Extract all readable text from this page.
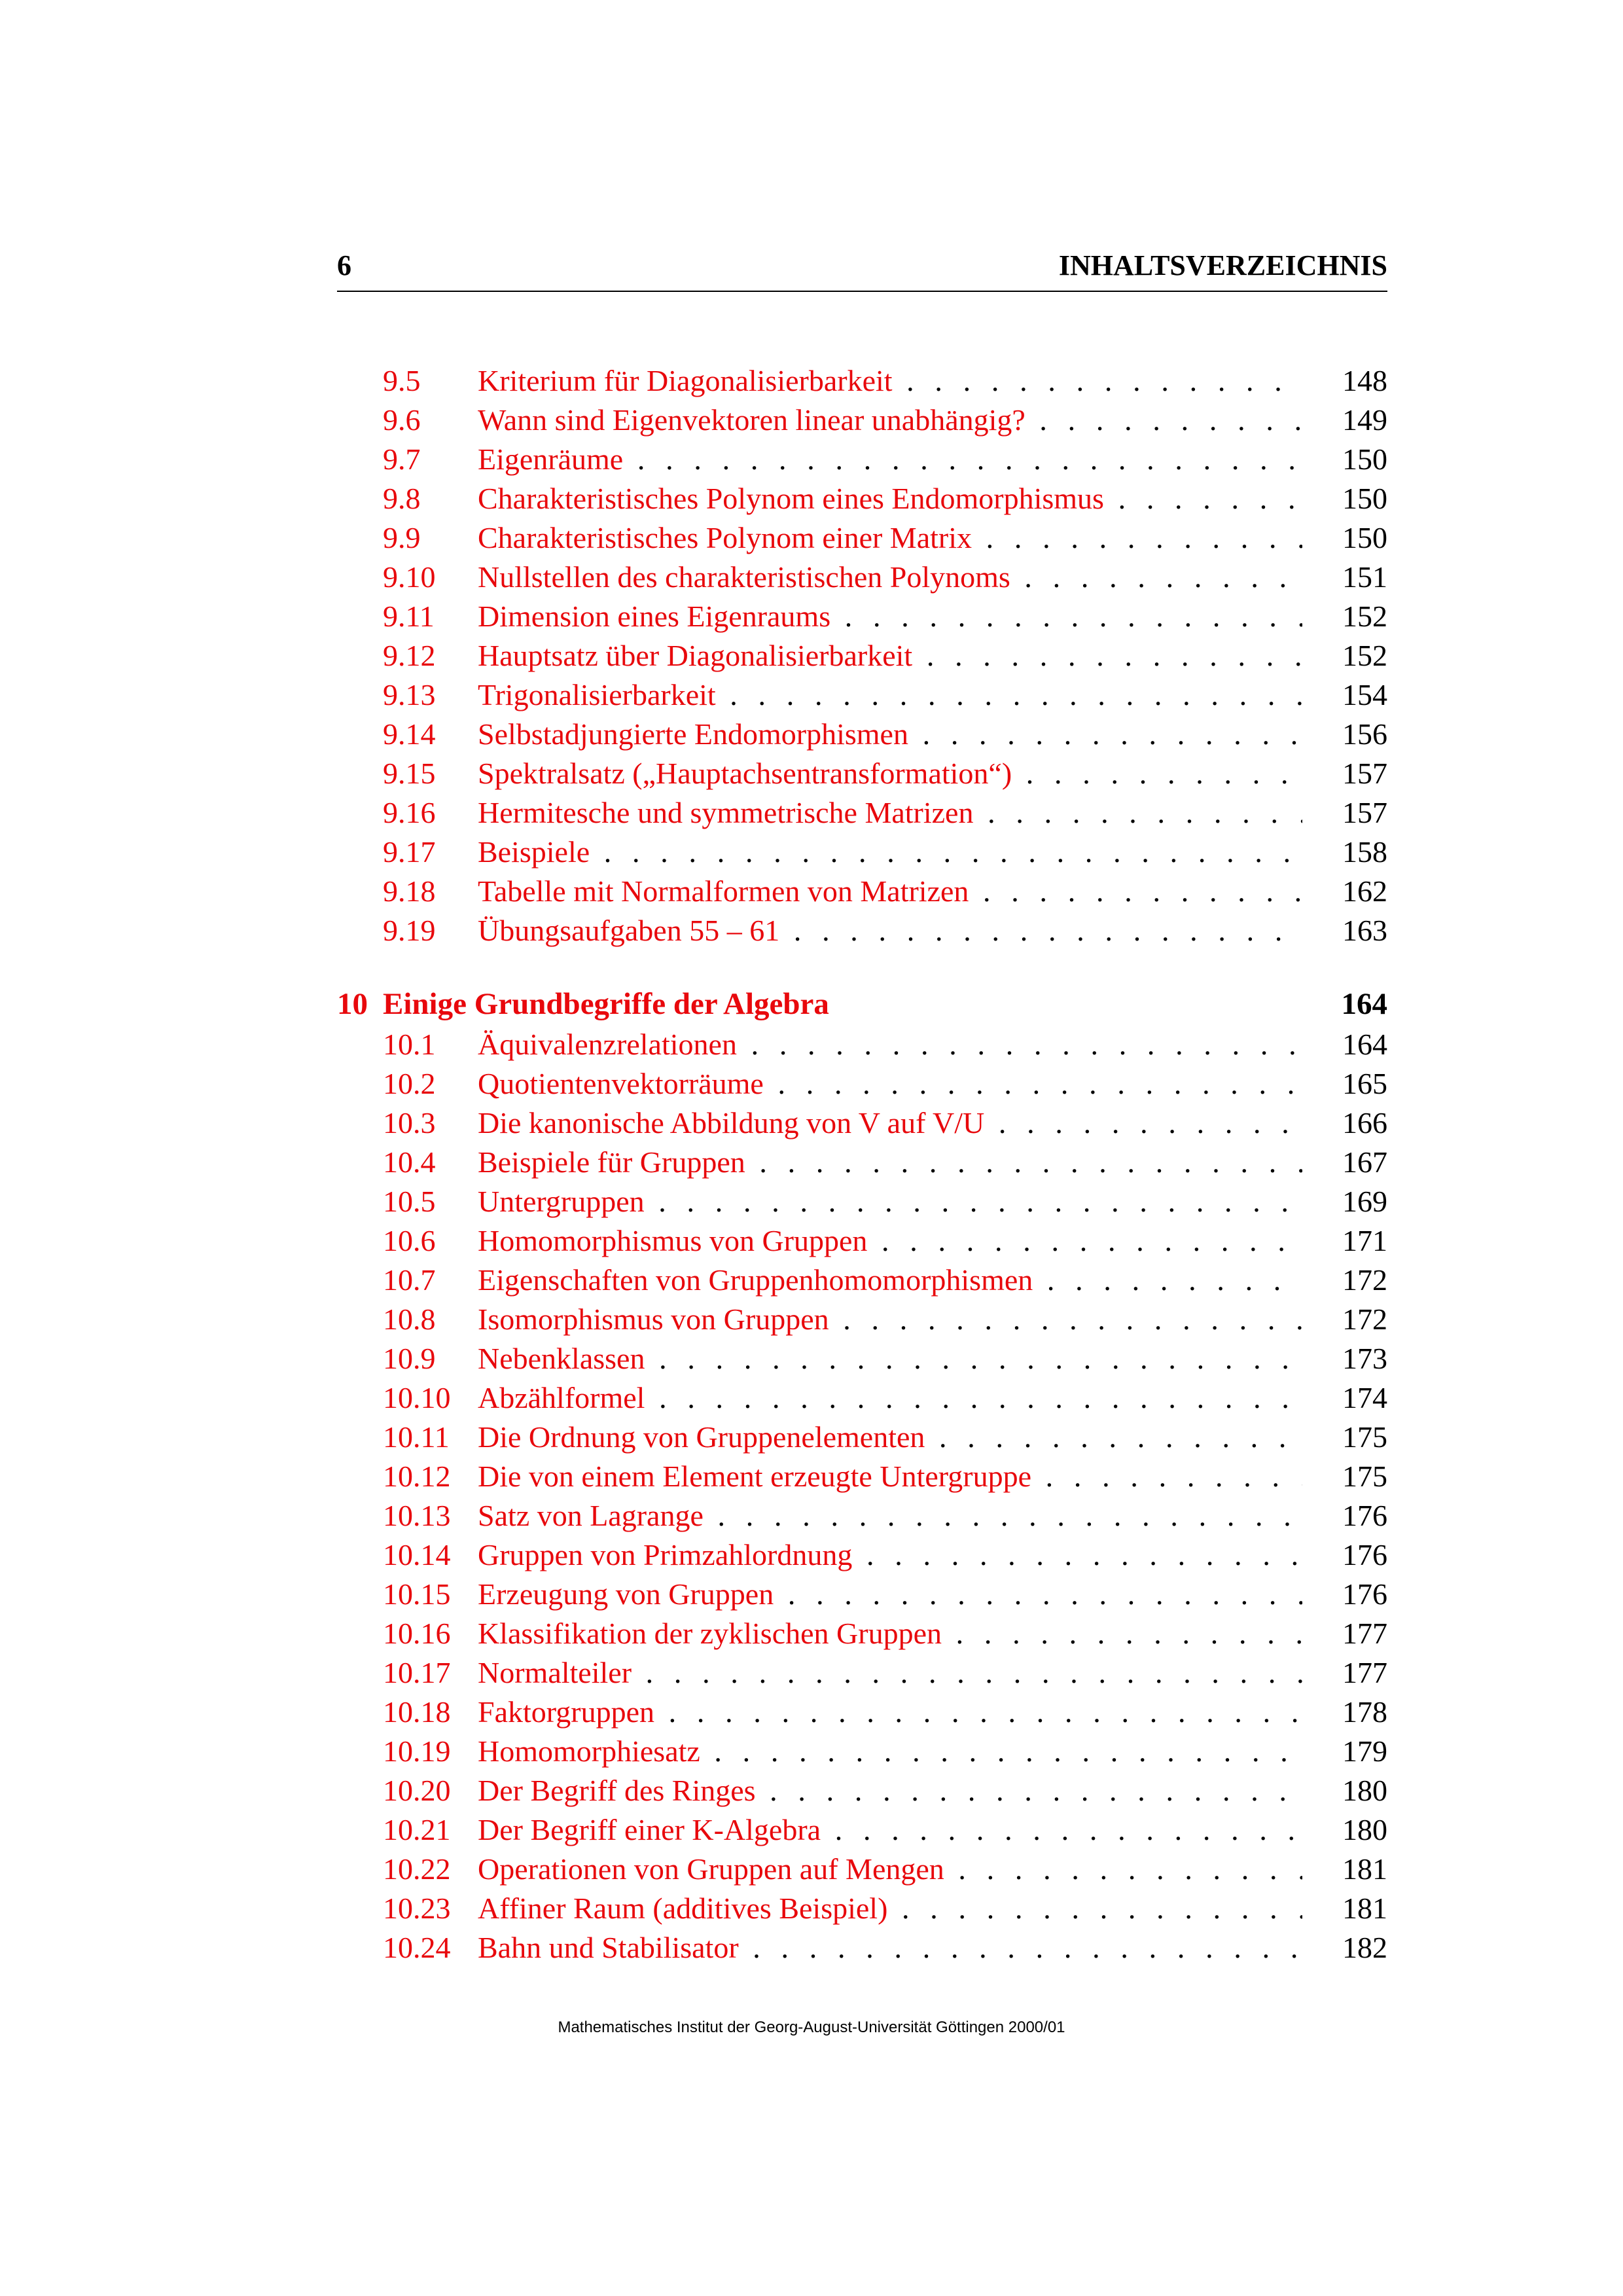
6	INHALTSVERZEICHNIS
9.5 Kriterium für Diagonalisierbarkeit . . .	148
9.6 Wann sind Eigenvektoren linear unabhängig? . . .	149
9.7 Eigenräume . . .	150
9.8 Charakteristisches Polynom eines Endomorphismus . . .	150
9.9 Charakteristisches Polynom einer Matrix . . .	150
9.10 Nullstellen des charakteristischen Polynoms . . .	151
9.11 Dimension eines Eigenraums . . .	152
9.12 Hauptsatz über Diagonalisierbarkeit . . .	152
9.13 Trigonalisierbarkeit . . .	154
9.14 Selbstadjungierte Endomorphismen . . .	156
9.15 Spektralsatz („Hauptachsentransformation“) . . .	157
9.16 Hermitesche und symmetrische Matrizen . . .	157
9.17 Beispiele . . .	158
9.18 Tabelle mit Normalformen von Matrizen . . .	162
9.19 Übungsaufgaben 55 – 61 . . .	163
10 Einige Grundbegriffe der Algebra	164
10.1 Äquivalenzrelationen . . .	164
10.2 Quotientenvektorräume . . .	165
10.3 Die kanonische Abbildung von V auf V/U . . .	166
10.4 Beispiele für Gruppen . . .	167
10.5 Untergruppen . . .	169
10.6 Homomorphismus von Gruppen . . .	171
10.7 Eigenschaften von Gruppenhomomorphismen . . .	172
10.8 Isomorphismus von Gruppen . . .	172
10.9 Nebenklassen . . .	173
10.10 Abzählformel . . .	174
10.11 Die Ordnung von Gruppenelementen . . .	175
10.12 Die von einem Element erzeugte Untergruppe . . .	175
10.13 Satz von Lagrange . . .	176
10.14 Gruppen von Primzahlordnung . . .	176
10.15 Erzeugung von Gruppen . . .	176
10.16 Klassifikation der zyklischen Gruppen . . .	177
10.17 Normalteiler . . .	177
10.18 Faktorgruppen . . .	178
10.19 Homomorphiesatz . . .	179
10.20 Der Begriff des Ringes . . .	180
10.21 Der Begriff einer K-Algebra . . .	180
10.22 Operationen von Gruppen auf Mengen . . .	181
10.23 Affiner Raum (additives Beispiel) . . .	181
10.24 Bahn und Stabilisator . . .	182
Mathematisches Institut der Georg-August-Universität Göttingen 2000/01
